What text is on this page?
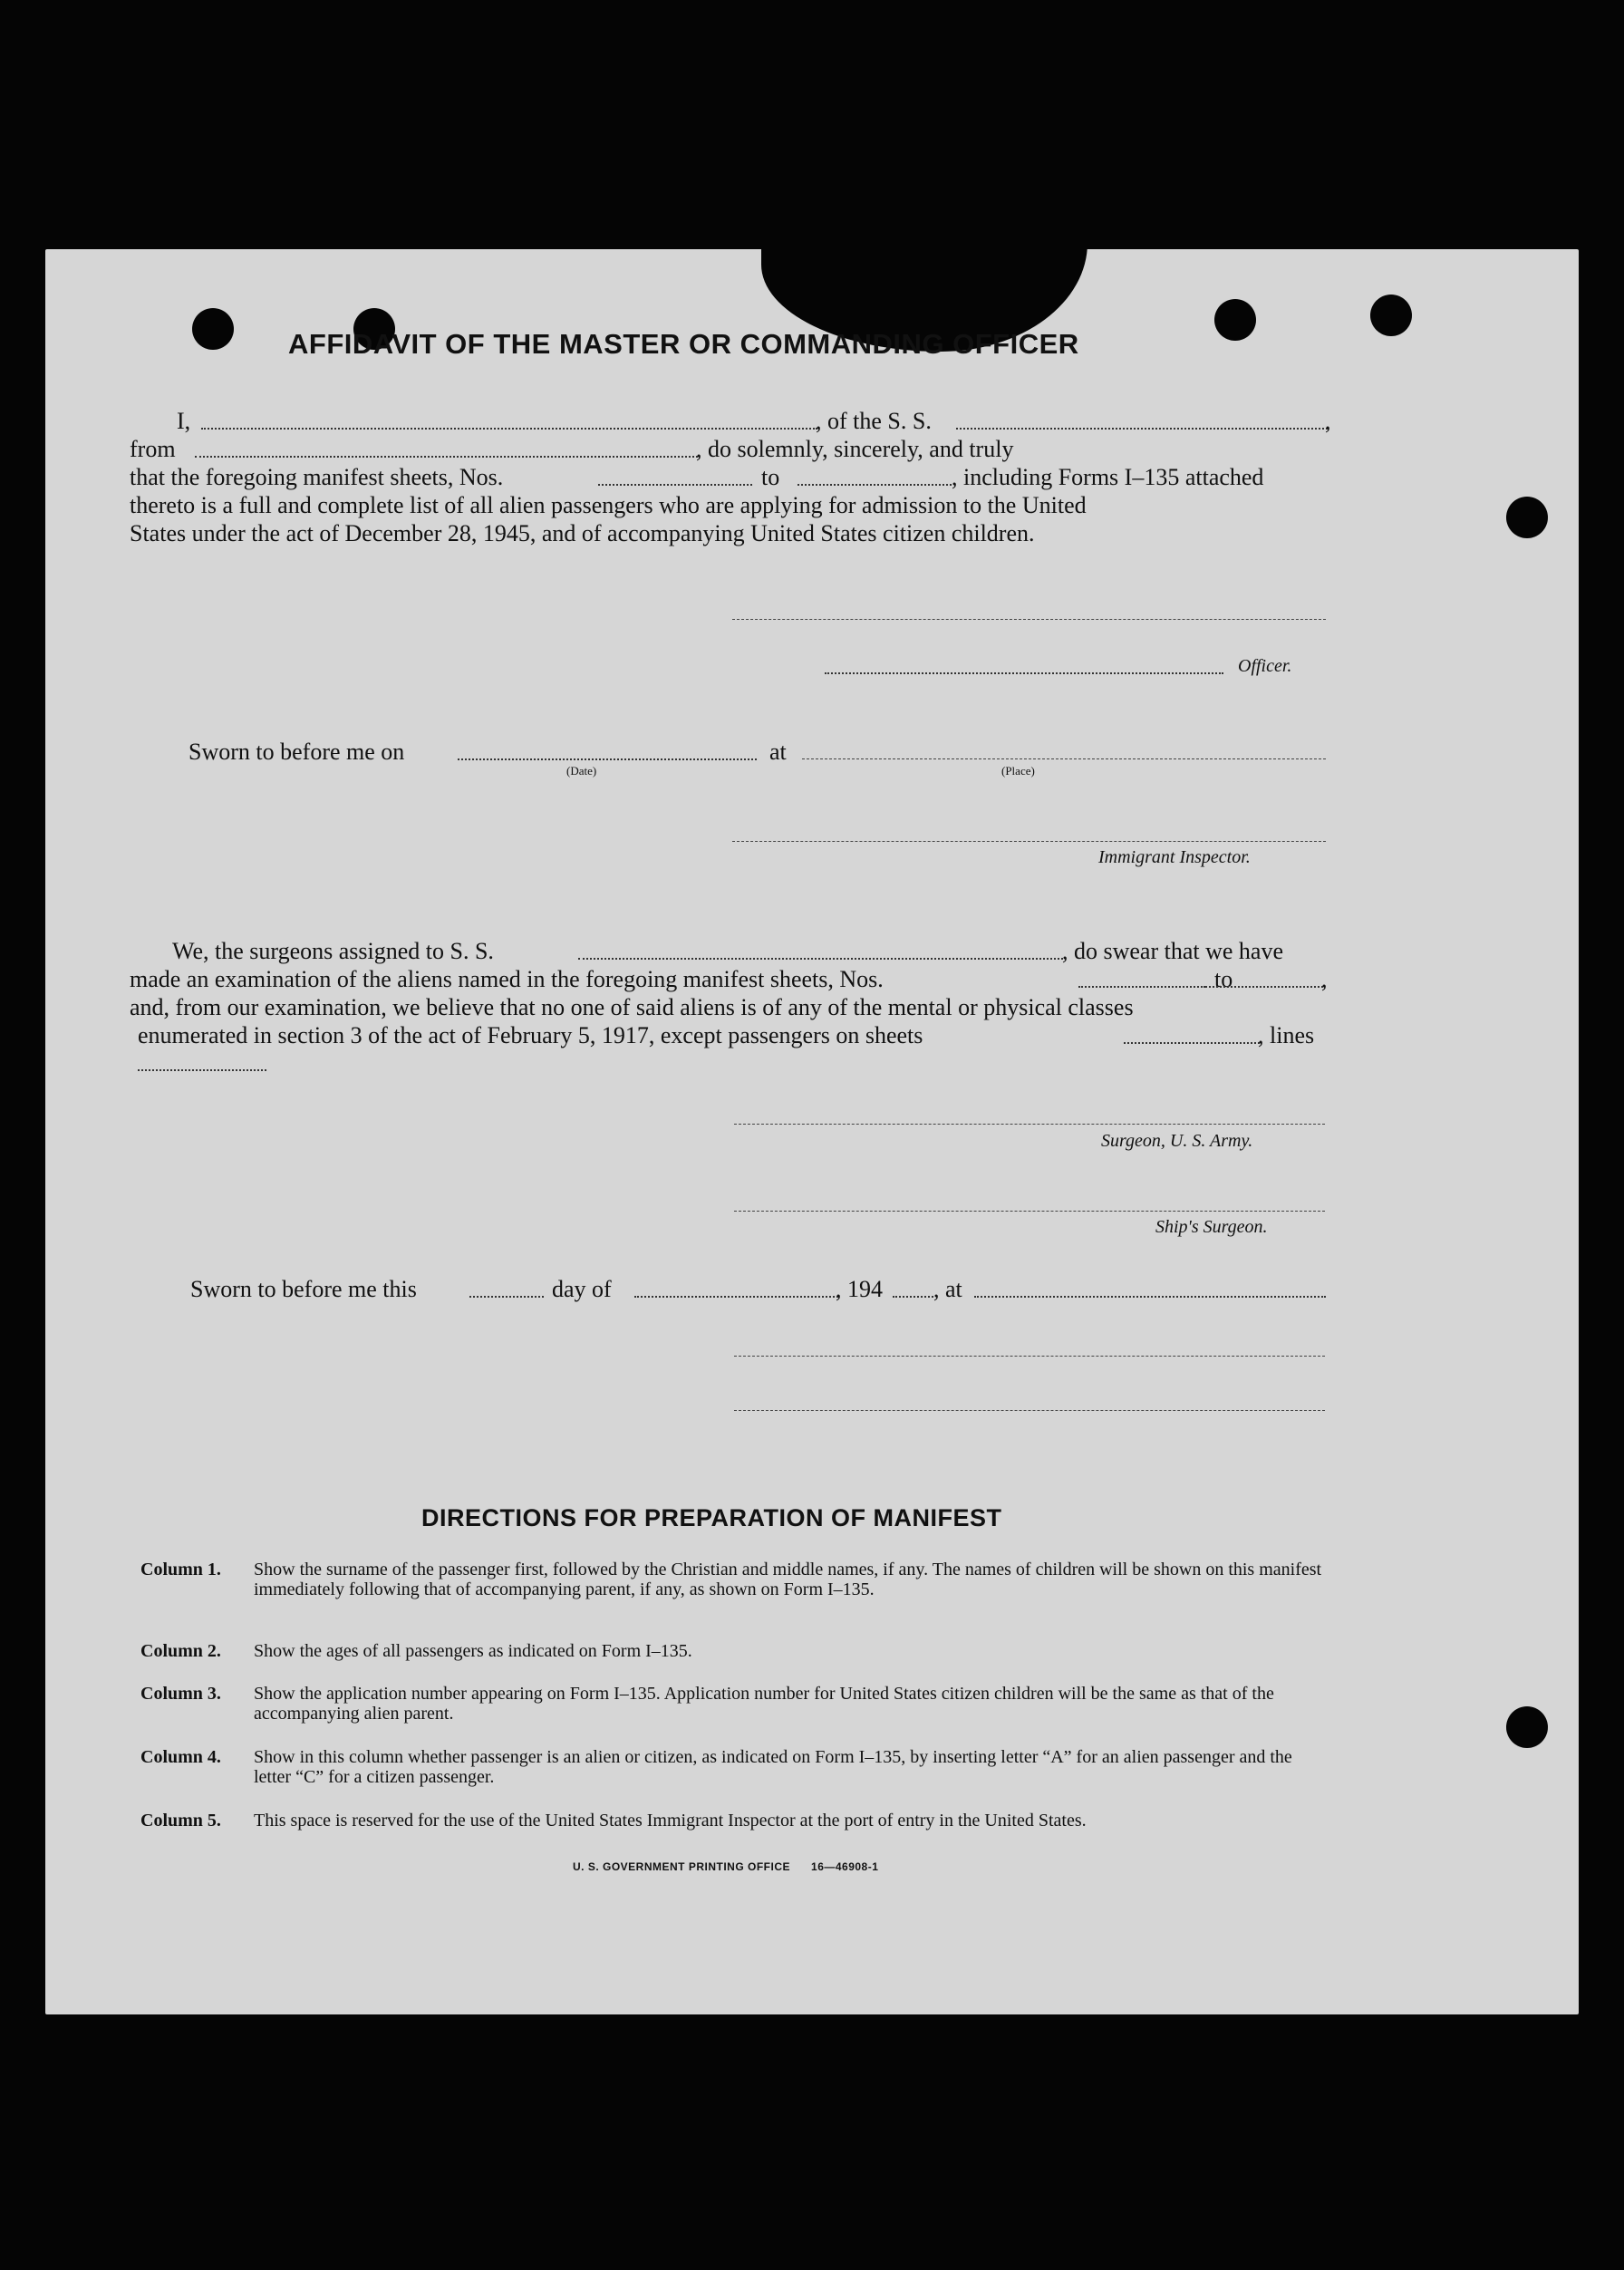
AFFIDAVIT OF THE MASTER OR COMMANDING OFFICER
I,	, of the S. S.	,
from	, do solemnly, sincerely, and truly
that the foregoing manifest sheets, Nos.	to	, including Forms I–135 attached
thereto is a full and complete list of all alien passengers who are applying for admission to the United
States under the act of December 28, 1945, and of accompanying United States citizen children.
Officer.
Sworn to before me on
(Date)
at
(Place)
Immigrant Inspector.
We, the surgeons assigned to S. S.	, do swear that we have
made an examination of the aliens named in the foregoing manifest sheets, Nos.	to	,
and, from our examination, we believe that no one of said aliens is of any of the mental or physical classes
enumerated in section 3 of the act of February 5, 1917, except passengers on sheets	, lines
Surgeon, U. S. Army.
Ship's Surgeon.
Sworn to before me this	day of	, 194 , at
DIRECTIONS FOR PREPARATION OF MANIFEST
Column 1. Show the surname of the passenger first, followed by the Christian and middle names, if any. The names of children will be shown on this manifest immediately following that of accompanying parent, if any, as shown on Form I–135.
Column 2. Show the ages of all passengers as indicated on Form I–135.
Column 3. Show the application number appearing on Form I–135. Application number for United States citizen children will be the same as that of the accompanying alien parent.
Column 4. Show in this column whether passenger is an alien or citizen, as indicated on Form I–135, by inserting letter “A” for an alien passenger and the letter “C” for a citizen passenger.
Column 5. This space is reserved for the use of the United States Immigrant Inspector at the port of entry in the United States.
U. S. GOVERNMENT PRINTING OFFICE      16—46908-1
